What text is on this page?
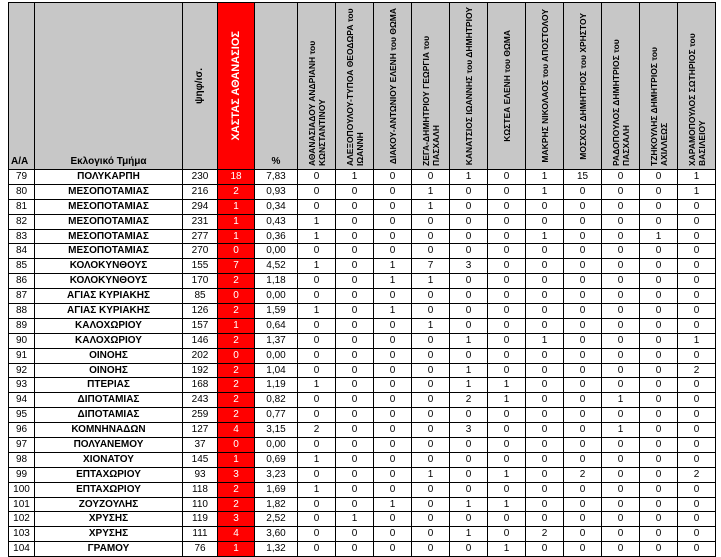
Α/Α	Εκλογικό Τμήμα	ψηφ/ισ.	ΧΑΣΤΑΣ ΑΘΑΝΑΣΙΟΣ	%	ΑΘΑΝΑΣΙΑΔΟΥ ΑΝΔΡΙΑΝΗ του ΚΩΝΣΤΑΝΤΙΝΟΥ	ΑΛΕΞΟΠΟΥΛΟΥ-ΤΥΠΟΑ ΘΕΟΔΩΡΑ του ΙΩΑΝΝΗ	ΔΙΑΚΟΥ-ΑΝΤΩΝΙΟΥ ΕΛΕΝΗ του ΘΩΜΑ	ΖΕΓΑ-ΔΗΜΗΤΡΙΟΥ ΓΕΩΡΓΙΑ του ΠΑΣΧΑΛΗ	ΚΑΝΑΤΣΙΟΣ ΙΩΑΝΝΗΣ του ΔΗΜΗΤΡΙΟΥ	ΚΩΣΤΕΑ ΕΛΕΝΗ του ΘΩΜΑ	ΜΑΚΡΗΣ ΝΙΚΟΛΑΟΣ του ΑΠΟΣΤΟΛΟΥ	ΜΟΣΧΟΣ ΔΗΜΗΤΡΙΟΣ του ΧΡΗΣΤΟΥ	ΡΑΔΟΠΟΥΛΟΣ ΔΗΜΗΤΡΙΟΣ του ΠΑΣΧΑΛΗ	ΤΖΗΚΟΥΛΗΣ ΔΗΜΗΤΡΙΟΣ του ΑΧΙΛΛΕΩΣ	ΧΑΡΑΜΟΠΟΥΛΟΣ ΣΩΤΗΡΙΟΣ του ΒΑΣΙΛΕΙΟΥ

79	ΠΟΛΥΚΑΡΠΗ	230	18	7,83	0	1	0	0	1	0	1	15	0	0	1
80	ΜΕΣΟΠΟΤΑΜΙΑΣ	216	2	0,93	0	0	0	1	0	0	1	0	0	0	1
81	ΜΕΣΟΠΟΤΑΜΙΑΣ	294	1	0,34	0	0	0	1	0	0	0	0	0	0	0
82	ΜΕΣΟΠΟΤΑΜΙΑΣ	231	1	0,43	1	0	0	0	0	0	0	0	0	0	0
83	ΜΕΣΟΠΟΤΑΜΙΑΣ	277	1	0,36	1	0	0	0	0	0	1	0	0	1	0
84	ΜΕΣΟΠΟΤΑΜΙΑΣ	270	0	0,00	0	0	0	0	0	0	0	0	0	0	0
85	ΚΟΛΟΚΥΝΘΟΥΣ	155	7	4,52	1	0	1	7	3	0	0	0	0	0	0
86	ΚΟΛΟΚΥΝΘΟΥΣ	170	2	1,18	0	0	1	1	0	0	0	0	0	0	0
87	ΑΓΙΑΣ ΚΥΡΙΑΚΗΣ	85	0	0,00	0	0	0	0	0	0	0	0	0	0	0
88	ΑΓΙΑΣ ΚΥΡΙΑΚΗΣ	126	2	1,59	1	0	1	0	0	0	0	0	0	0	0
89	ΚΑΛΟΧΩΡΙΟΥ	157	1	0,64	0	0	0	1	0	0	0	0	0	0	0
90	ΚΑΛΟΧΩΡΙΟΥ	146	2	1,37	0	0	0	0	1	0	1	0	0	0	1
91	ΟΙΝΟΗΣ	202	0	0,00	0	0	0	0	0	0	0	0	0	0	0
92	ΟΙΝΟΗΣ	192	2	1,04	0	0	0	0	1	0	0	0	0	0	2
93	ΠΤΕΡΙΑΣ	168	2	1,19	1	0	0	0	1	1	0	0	0	0	0
94	ΔΙΠΟΤΑΜΙΑΣ	243	2	0,82	0	0	0	0	2	1	0	0	1	0	0
95	ΔΙΠΟΤΑΜΙΑΣ	259	2	0,77	0	0	0	0	0	0	0	0	0	0	0
96	ΚΟΜΝΗΝΑΔΩΝ	127	4	3,15	2	0	0	0	3	0	0	0	1	0	0
97	ΠΟΛΥΑΝΕΜΟΥ	37	0	0,00	0	0	0	0	0	0	0	0	0	0	0
98	ΧΙΟΝΑΤΟΥ	145	1	0,69	1	0	0	0	0	0	0	0	0	0	0
99	ΕΠΤΑΧΩΡΙΟΥ	93	3	3,23	0	0	0	1	0	1	0	2	0	0	2
100	ΕΠΤΑΧΩΡΙΟΥ	118	2	1,69	1	0	0	0	0	0	0	0	0	0	0
101	ΖΟΥΖΟΥΛΗΣ	110	2	1,82	0	0	1	0	1	1	0	0	0	0	0
102	ΧΡΥΣΗΣ	119	3	2,52	0	1	0	0	0	0	0	0	0	0	0
103	ΧΡΥΣΗΣ	111	4	3,60	0	0	0	0	1	0	2	0	0	0	0
104	ΓΡΑΜΟΥ	76	1	1,32	0	0	0	0	0	1	0	0	0	0	0
